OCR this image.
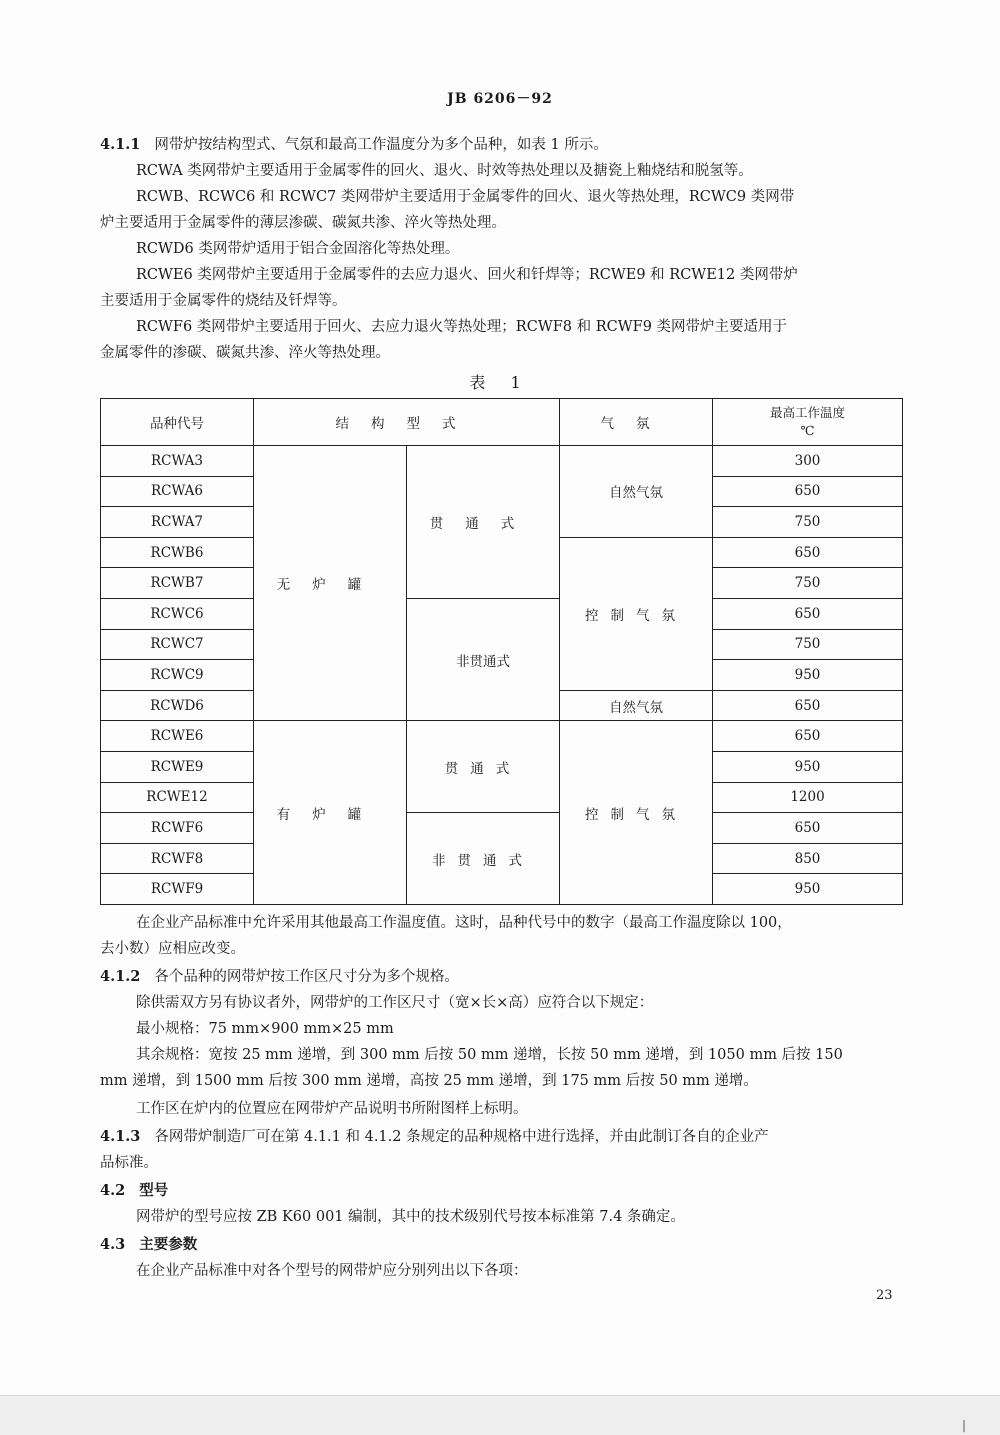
JB 6206－92
4.1.1 网带炉按结构型式、气氛和最高工作温度分为多个品种，如表 1 所示。
RCWA 类网带炉主要适用于金属零件的回火、退火、时效等热处理以及搪瓷上釉烧结和脱氢等。
RCWB、RCWC6 和 RCWC7 类网带炉主要适用于金属零件的回火、退火等热处理，RCWC9 类网带
炉主要适用于金属零件的薄层渗碳、碳氮共渗、淬火等热处理。
RCWD6 类网带炉适用于铝合金固溶化等热处理。
RCWE6 类网带炉主要适用于金属零件的去应力退火、回火和钎焊等；RCWE9 和 RCWE12 类网带炉
主要适用于金属零件的烧结及钎焊等。
RCWF6 类网带炉主要适用于回火、去应力退火等热处理；RCWF8 和 RCWF9 类网带炉主要适用于
金属零件的渗碳、碳氮共渗、淬火等热处理。
表 1
品种代号	结构型式		气氛	最高工作温度
℃

RCWA3	无炉罐	贯通式	自然气氛	300
RCWA6				650
RCWA7				750
RCWB6			控制气氛	650
RCWB7				750
RCWC6		非贯通式		650
RCWC7				750
RCWC9				950
RCWD6			自然气氛	650
RCWE6	有炉罐	贯通式	控制气氛	650
RCWE9				950
RCWE12				1200
RCWF6		非贯通式		650
RCWF8				850
RCWF9				950
在企业产品标准中允许采用其他最高工作温度值。这时，品种代号中的数字（最高工作温度除以 100，
去小数）应相应改变。
4.1.2 各个品种的网带炉按工作区尺寸分为多个规格。
除供需双方另有协议者外，网带炉的工作区尺寸（宽×长×高）应符合以下规定：
最小规格：75 mm×900 mm×25 mm
其余规格：宽按 25 mm 递增，到 300 mm 后按 50 mm 递增，长按 50 mm 递增，到 1050 mm 后按 150
mm 递增，到 1500 mm 后按 300 mm 递增，高按 25 mm 递增，到 175 mm 后按 50 mm 递增。
工作区在炉内的位置应在网带炉产品说明书所附图样上标明。
4.1.3 各网带炉制造厂可在第 4.1.1 和 4.1.2 条规定的品种规格中进行选择，并由此制订各自的企业产
品标准。
4.2 型号
网带炉的型号应按 ZB K60 001 编制，其中的技术级别代号按本标准第 7.4 条确定。
4.3 主要参数
在企业产品标准中对各个型号的网带炉应分别列出以下各项：
23
|
